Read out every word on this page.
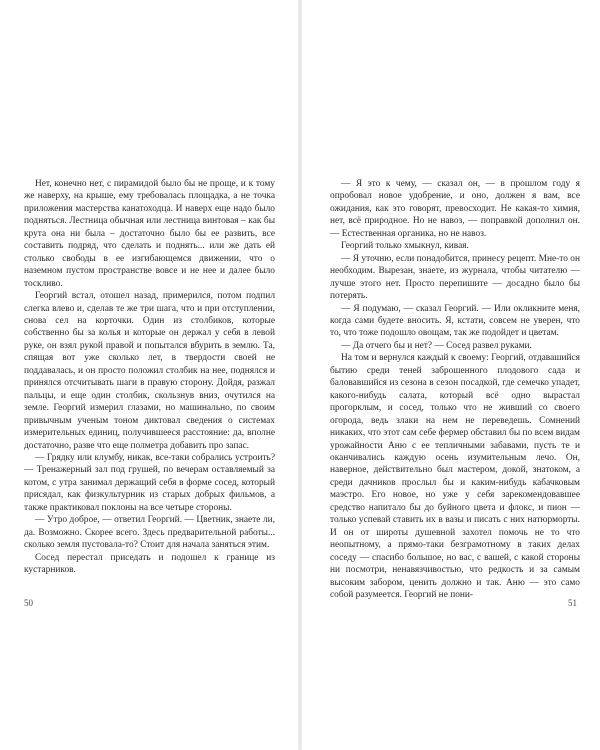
Нет, конечно нет, с пирамидой было бы не проще, и к тому же наверху, на крыше, ему требовалась площадка, а не точка приложения мастерства канатоходца. И наверх еще надо было подняться. Лестница обычная или лестница винтовая – как бы крута она ни была – достаточно было бы ее развить, все составить подряд, что сделать и поднять... или же дать ей столько свободы в ее изгибающемся движении, что о наземном пустом пространстве вовсе и не нее и далее было тоскливо.

Георгий встал, отошел назад, примерился, потом подпил слегка влево и, сделав те же три шага, что и при отступлении, снова сел на корточки. Один из столбиков, которые собственно бы за колья и которые он держал у себя в левой руке, он взял рукой правой и попытался вбурить в землю. Та, спящая вот уже сколько лет, в твердости своей не поддавалась, и он просто положил столбик на нее, поднялся и принялся отсчитывать шаги в правую сторону. Дойдя, разжал пальцы, и еще один столбик, скользнув вниз, очутился на земле. Георгий измерил глазами, но машинально, по своим привычным ученым тоном диктовал сведения о системах измерительных единиц, получившееся расстояние: да, вполне достаточно, разве что еще полметра добавить про запас.

— Грядку или клумбу, никак, все-таки собрались устроить? — Тренажерный зал под грушей, по вечерам оставляемый за котом, с утра занимал держащий себя в форме сосед, который присядал, как физкультурник из старых добрых фильмов, а также практиковал поклоны на все четыре стороны.

— Утро доброе, — ответил Георгий. — Цветник, знаете ли, да. Возможно. Скорее всего. Здесь предварительной работы... сколько земля пустовала-то? Стоит для начала заняться этим.

Сосед перестал приседать и подошел к границе из кустарников.

50

— Я это к чему, — сказал он, — в прошлом году я опробовал новое удобрение, и оно, должен я вам, все ожидания, как это говорят, превосходит. Не какая-то химия, нет, всё природное. Но не навоз, — поправкой дополнил он. — Естественная органика, но не навоз.

Георгий только хмыкнул, кивая.

— Я уточню, если понадобится, принесу рецепт. Мне-то он необходим. Вырезан, знаете, из журнала, чтобы читателю — лучше этого нет. Просто перепишите — досадно было бы потерять.

— Я подумаю, — сказал Георгий. — Или окликните меня, когда сами будете вносить. Я, кстати, совсем не уверен, что то, что тоже подошло овощам, так же подойдет и цветам.

— Да отчего бы и нет? — Сосед развел руками.

На том и вернулся каждый к своему: Георгий, отдавашийся бытию среди теней заброшенного плодового сада и баловавшийся из сезона в сезон посадкой, где семечко упадет, какого-нибудь салата, который всё одно вырастал прогорклым, и сосед, только что не живший со своего огорода, ведь злаки на нем не переведешь. Сомнений никаких, что этот сам себе фермер обставил бы по всем видам урожайности Аню с ее тепличными забавами, пусть те и оканчивались каждую осень изумительным лечо. Он, наверное, действительно был мастером, докой, знатоком, а среди дачников прослыл бы и каким-нибудь кабачковым маэстро. Его новое, но уже у себя зарекомендовавшее средство напитало бы до буйного цвета и флокс, и пион — только успевай ставить их в вазы и писать с них натюрморты. И он от широты душевной захотел помочь не то что неопытному, а прямо-таки безграмотному в таких делах соседу — спасибо большое, но вас, с вашей, с какой стороны ни посмотри, ненавязчивостью, что редкость и за самым высоким забором, ценить должно и так. Аню — это само собой разумеется. Георгий не пони-

51
